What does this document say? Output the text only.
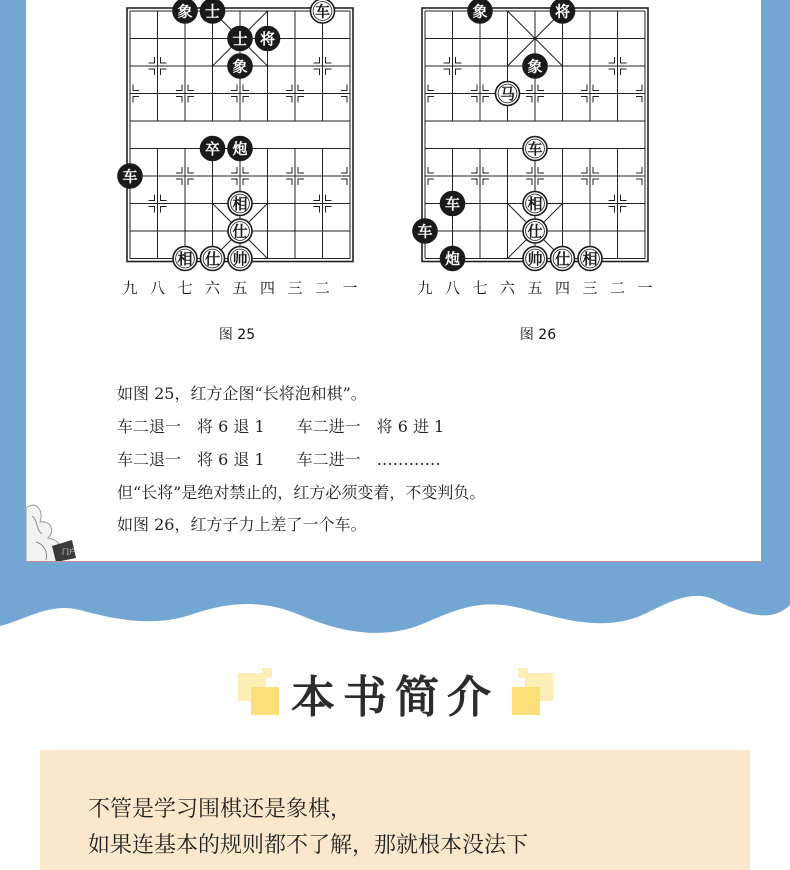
象 士	车
士 将
象
卒 炮
车
相
仕
相 仕 帅
象	将
象
马
车
车	相
车	仕
炮	帅 仕 相
九 八 七 六 五 四 三 二 一	九 八 七 六 五 四 三 二 一
图 25	图 26
如图 25，红方企图“长将泡和棋”。
车二退一　将 6 退 1　　车二进一　将 6 进 1
车二退一　将 6 退 1　　车二进一　…………
但“长将”是绝对禁止的，红方必须变着，不变判负。
如图 26，红方子力上差了一个车。
门户
本书简介
不管是学习围棋还是象棋，
如果连基本的规则都不了解，那就根本没法下
